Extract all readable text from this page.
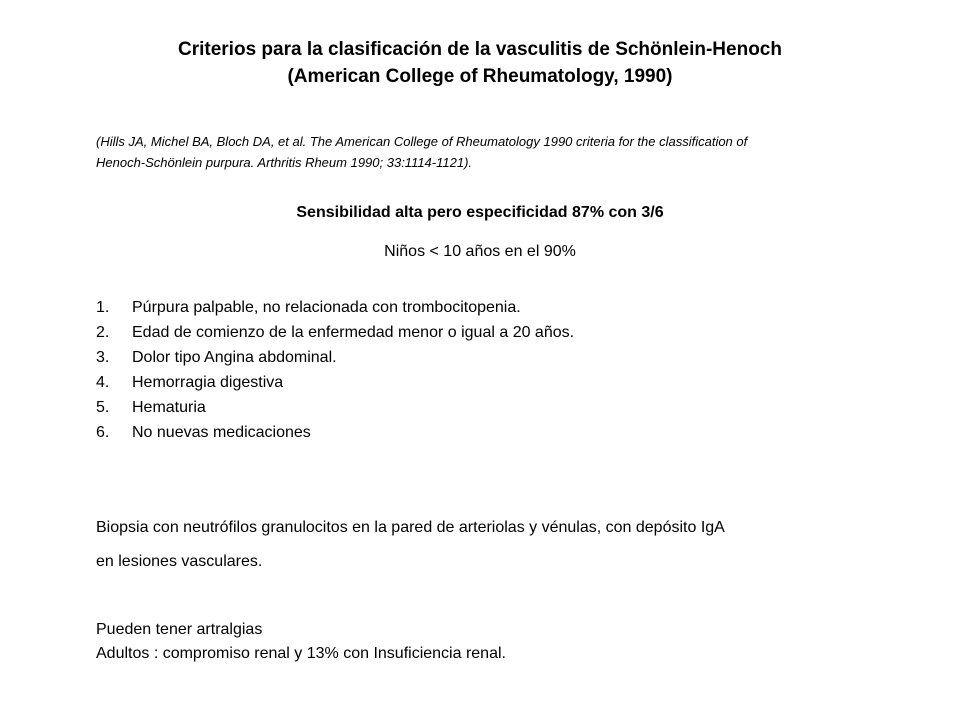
Criterios para la clasificación de la vasculitis de Schönlein-Henoch

(American College of Rheumatology, 1990)

(Hills JA, Michel BA, Bloch DA, et al. The American College of Rheumatology 1990 criteria for the classification of
Henoch-Schönlein purpura. Arthritis Rheum 1990; 33:1114-1121).

Sensibilidad alta pero especificidad 87% con 3/6

Niños < 10 años en el 90%

1.	Púrpura palpable, no relacionada con trombocitopenia.
2.	Edad de comienzo de la enfermedad menor o igual a 20 años.
3.	Dolor tipo Angina abdominal.
4.	Hemorragia digestiva
5.	Hematuria
6.	No nuevas medicaciones
Biopsia con neutrófilos granulocitos en la pared de arteriolas y vénulas, con depósito IgA
en lesiones vasculares.
Pueden tener artralgias
Adultos : compromiso renal y 13% con Insuficiencia renal.
